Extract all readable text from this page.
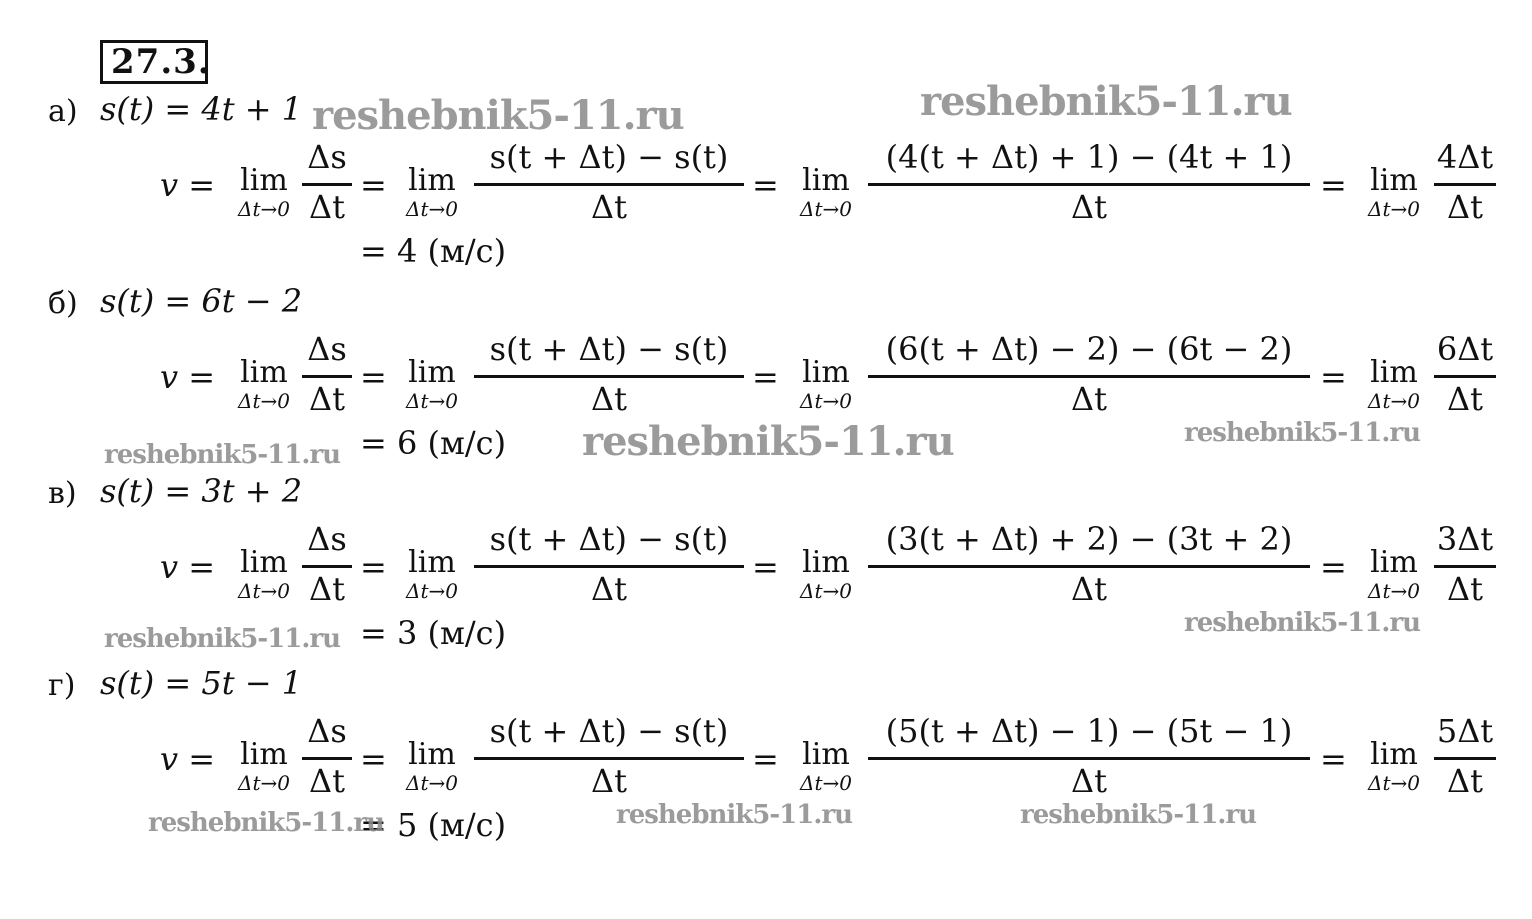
27.3.
а) s(t) = 4t + 1
v = lim
Δt→0
Δs
Δt
= lim
Δt→0
s(t + Δt) − s(t)
Δt
= lim
Δt→0
(4(t + Δt) + 1) − (4t + 1)
Δt
= lim
Δt→0
4Δt
Δt
= 4 (м/с)
б) s(t) = 6t − 2
v = lim
Δt→0
Δs
Δt
= lim
Δt→0
s(t + Δt) − s(t)
Δt
= lim
Δt→0
(6(t + Δt) − 2) − (6t − 2)
Δt
= lim
Δt→0
6Δt
Δt
= 6 (м/с)
в) s(t) = 3t + 2
v = lim
Δt→0
Δs
Δt
= lim
Δt→0
s(t + Δt) − s(t)
Δt
= lim
Δt→0
(3(t + Δt) + 2) − (3t + 2)
Δt
= lim
Δt→0
3Δt
Δt
= 3 (м/с)
г) s(t) = 5t − 1
v = lim
Δt→0
Δs
Δt
= lim
Δt→0
s(t + Δt) − s(t)
Δt
= lim
Δt→0
(5(t + Δt) − 1) − (5t − 1)
Δt
= lim
Δt→0
5Δt
Δt
= 5 (м/с)
reshebnik5-11.ru	reshebnik5-11.ru
reshebnik5-11.ru
reshebnik5-11.ru
reshebnik5-11.ru
reshebnik5-11.ru
reshebnik5-11.ru
reshebnik5-11.ru	reshebnik5-11.ru	reshebnik5-11.ru
